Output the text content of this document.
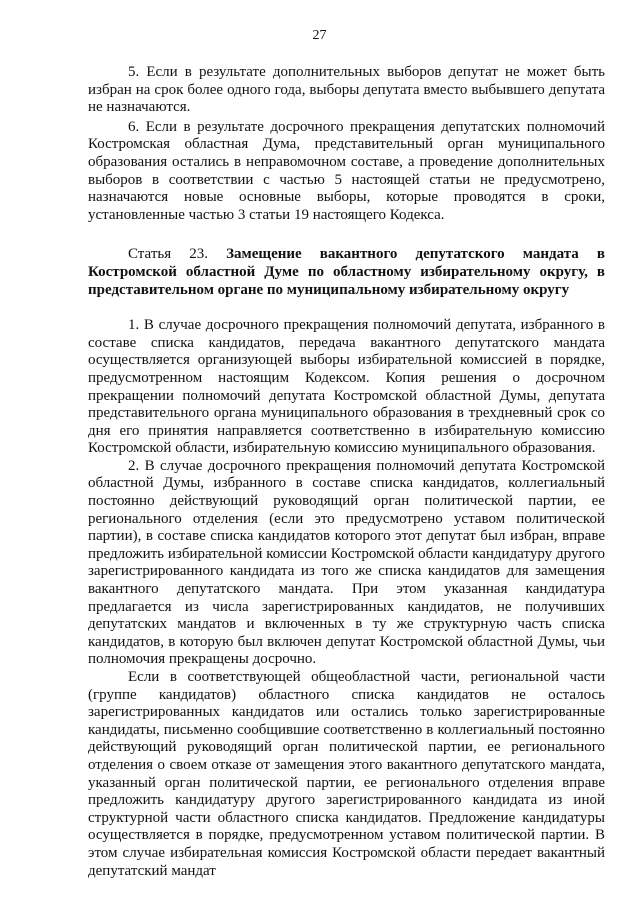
27

5. Если в результате дополнительных выборов депутат не может быть избран на срок более одного года, выборы депутата вместо выбывшего депутата не назначаются.

6. Если в результате досрочного прекращения депутатских полномочий Костромская областная Дума, представительный орган муниципального образования остались в неправомочном составе, а проведение дополнительных выборов в соответствии с частью 5 настоящей статьи не предусмотрено, назначаются новые основные выборы, которые проводятся в сроки, установленные частью 3 статьи 19 настоящего Кодекса.

Статья 23. Замещение вакантного депутатского мандата в Костромской областной Думе по областному избирательному округу, в представительном органе по муниципальному избирательному округу

1. В случае досрочного прекращения полномочий депутата, избранного в составе списка кандидатов, передача вакантного депутатского мандата осуществляется организующей выборы избирательной комиссией в порядке, предусмотренном настоящим Кодексом. Копия решения о досрочном прекращении полномочий депутата Костромской областной Думы, депутата представительного органа муниципального образования в трехдневный срок со дня его принятия направляется соответственно в избирательную комиссию Костромской области, избирательную комиссию муниципального образования.

2. В случае досрочного прекращения полномочий депутата Костромской областной Думы, избранного в составе списка кандидатов, коллегиальный постоянно действующий руководящий орган политической партии, ее регионального отделения (если это предусмотрено уставом политической партии), в составе списка кандидатов которого этот депутат был избран, вправе предложить избирательной комиссии Костромской области кандидатуру другого зарегистрированного кандидата из того же списка кандидатов для замещения вакантного депутатского мандата. При этом указанная кандидатура предлагается из числа зарегистрированных кандидатов, не получивших депутатских мандатов и включенных в ту же структурную часть списка кандидатов, в которую был включен депутат Костромской областной Думы, чьи полномочия прекращены досрочно.

Если в соответствующей общеобластной части, региональной части (группе кандидатов) областного списка кандидатов не осталось зарегистрированных кандидатов или остались только зарегистрированные кандидаты, письменно сообщившие соответственно в коллегиальный постоянно действующий руководящий орган политической партии, ее регионального отделения о своем отказе от замещения этого вакантного депутатского мандата, указанный орган политической партии, ее регионального отделения вправе предложить кандидатуру другого зарегистрированного кандидата из иной структурной части областного списка кандидатов. Предложение кандидатуры осуществляется в порядке, предусмотренном уставом политической партии. В этом случае избирательная комиссия Костромской области передает вакантный депутатский мандат
